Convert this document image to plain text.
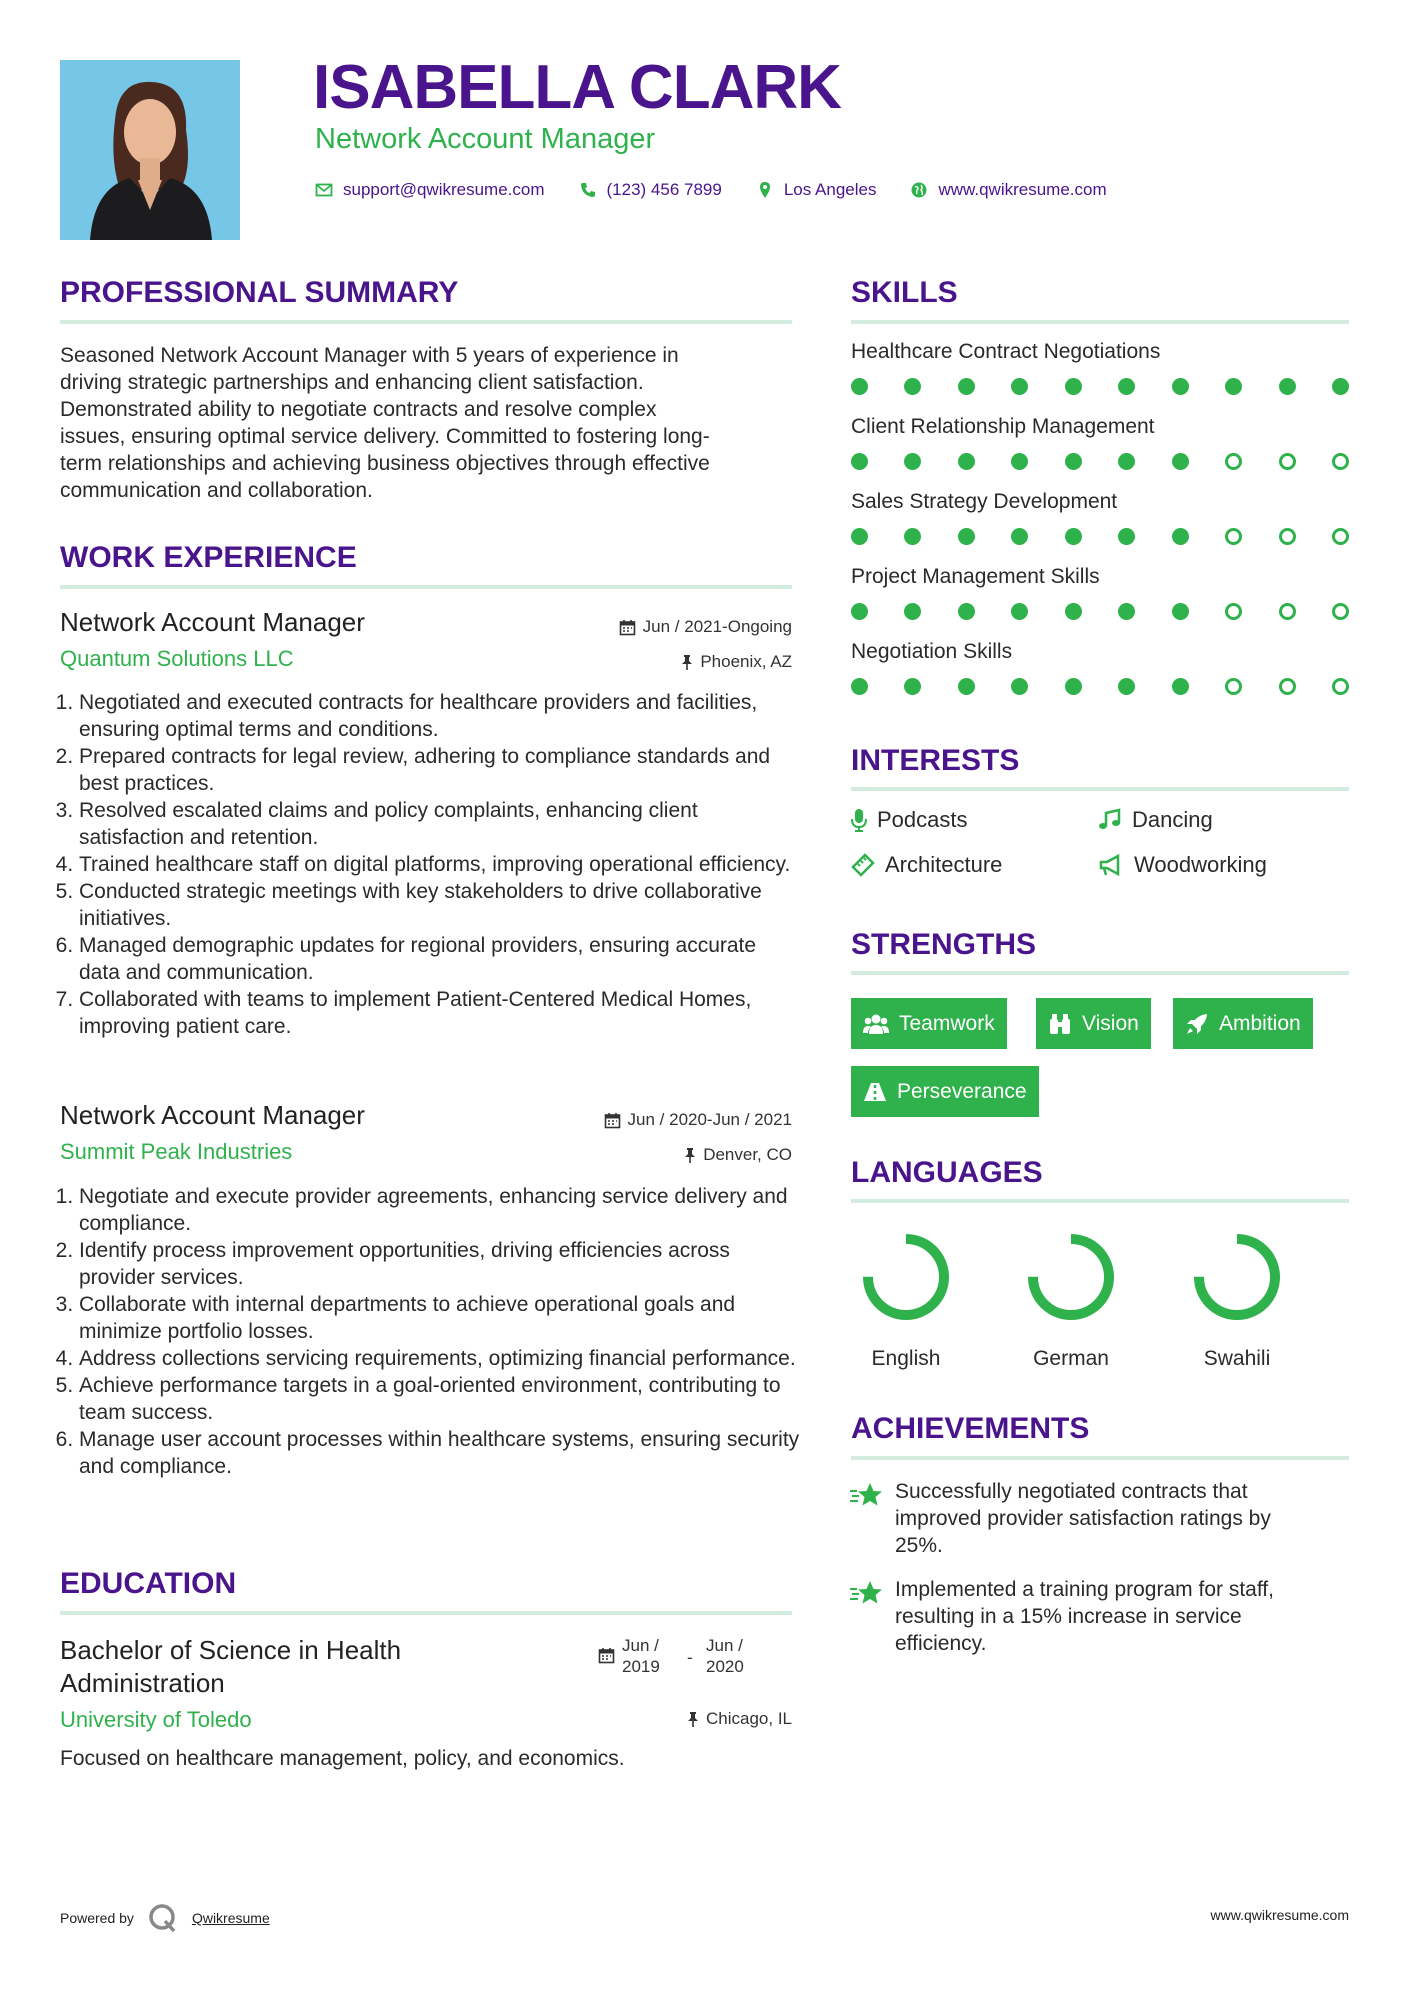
ISABELLA CLARK
Network Account Manager
support@qwikresume.com	(123) 456 7899	Los Angeles	www.qwikresume.com
PROFESSIONAL SUMMARY
Seasoned Network Account Manager with 5 years of experience in
driving strategic partnerships and enhancing client satisfaction.
Demonstrated ability to negotiate contracts and resolve complex
issues, ensuring optimal service delivery. Committed to fostering long-
term relationships and achieving business objectives through effective
communication and collaboration.
WORK EXPERIENCE
Network Account Manager	Jun / 2021-Ongoing
Quantum Solutions LLC	Phoenix, AZ
1. Negotiated and executed contracts for healthcare providers and facilities, ensuring optimal terms and conditions.
2. Prepared contracts for legal review, adhering to compliance standards and best practices.
3. Resolved escalated claims and policy complaints, enhancing client satisfaction and retention.
4. Trained healthcare staff on digital platforms, improving operational efficiency.
5. Conducted strategic meetings with key stakeholders to drive collaborative initiatives.
6. Managed demographic updates for regional providers, ensuring accurate data and communication.
7. Collaborated with teams to implement Patient-Centered Medical Homes, improving patient care.
Network Account Manager	Jun / 2020-Jun / 2021
Summit Peak Industries	Denver, CO
1. Negotiate and execute provider agreements, enhancing service delivery and compliance.
2. Identify process improvement opportunities, driving efficiencies across provider services.
3. Collaborate with internal departments to achieve operational goals and minimize portfolio losses.
4. Address collections servicing requirements, optimizing financial performance.
5. Achieve performance targets in a goal-oriented environment, contributing to team success.
6. Manage user account processes within healthcare systems, ensuring security and compliance.
EDUCATION
Bachelor of Science in Health
Administration
Jun /
2019	-
Jun /
2020
University of Toledo	Chicago, IL
Focused on healthcare management, policy, and economics.
SKILLS
Healthcare Contract Negotiations
Client Relationship Management
Sales Strategy Development
Project Management Skills
Negotiation Skills
INTERESTS
Podcasts	Dancing
Architecture	Woodworking
STRENGTHS
Teamwork	Vision	Ambition
Perseverance
LANGUAGES
English	German	Swahili
ACHIEVEMENTS
Successfully negotiated contracts that
improved provider satisfaction ratings by
25%.
Implemented a training program for staff,
resulting in a 15% increase in service
efficiency.
Powered by	Qwikresume	www.qwikresume.com
